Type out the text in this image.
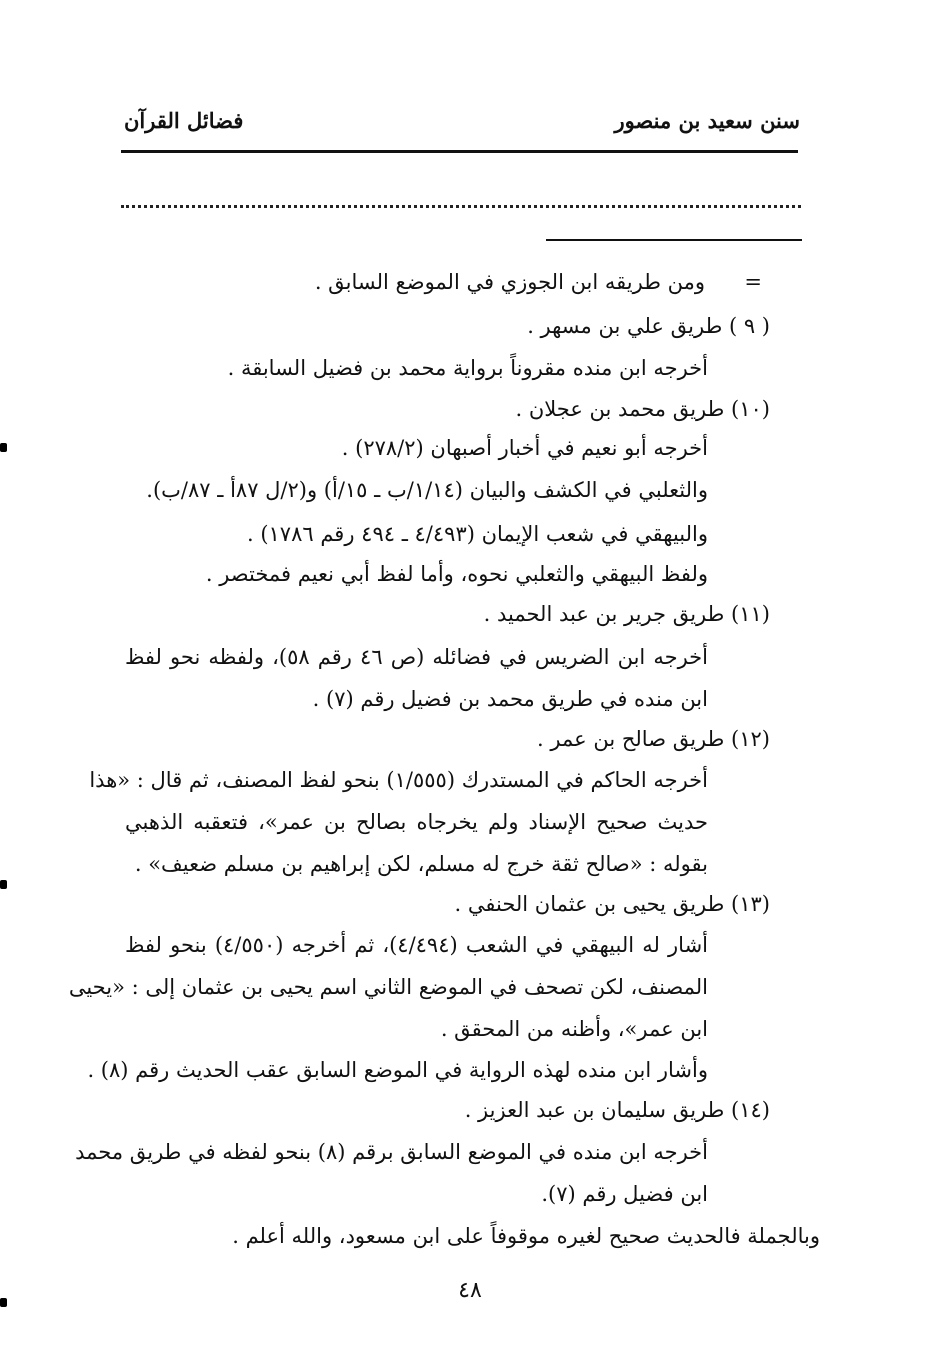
سنن سعيد بن منصور
فضائل القرآن
=
ومن طريقه ابن الجوزي في الموضع السابق .
( ٩ ) طريق علي بن مسهر .
أخرجه ابن منده مقروناً برواية محمد بن فضيل السابقة .
(١٠) طريق محمد بن عجلان .
أخرجه أبو نعيم في أخبار أصبهان (٢٧٨/٢) .
والثعلبي في الكشف والبيان (١/١٤/ب ـ ١٥/أ) و(٢/ل ٨٧أ ـ ٨٧/ب).
والبيهقي في شعب الإيمان (٤/٤٩٣ ـ ٤٩٤ رقم ١٧٨٦) .
ولفظ البيهقي والثعلبي نحوه، وأما لفظ أبي نعيم فمختصر .
(١١) طريق جرير بن عبد الحميد .
أخرجه ابن الضريس في فضائله (ص ٤٦ رقم ٥٨)، ولفظه نحو لفظ
ابن منده في طريق محمد بن فضيل رقم (٧) .
(١٢) طريق صالح بن عمر .
أخرجه الحاكم في المستدرك (١/٥٥٥) بنحو لفظ المصنف، ثم قال : «هذا
حديث صحيح الإسناد ولم يخرجاه بصالح بن عمر»، فتعقبه الذهبي
بقوله : «صالح ثقة خرج له مسلم، لكن إبراهيم بن مسلم ضعيف» .
(١٣) طريق يحيى بن عثمان الحنفي .
أشار له البيهقي في الشعب (٤/٤٩٤)، ثم أخرجه (٤/٥٥٠) بنحو لفظ
المصنف، لكن تصحف في الموضع الثاني اسم يحيى بن عثمان إلى : «يحيى
ابن عمر»، وأظنه من المحقق .
وأشار ابن منده لهذه الرواية في الموضع السابق عقب الحديث رقم (٨) .
(١٤) طريق سليمان بن عبد العزيز .
أخرجه ابن منده في الموضع السابق برقم (٨) بنحو لفظه في طريق محمد
ابن فضيل رقم (٧).
وبالجملة فالحديث صحيح لغيره موقوفاً على ابن مسعود، والله أعلم .
٤٨
